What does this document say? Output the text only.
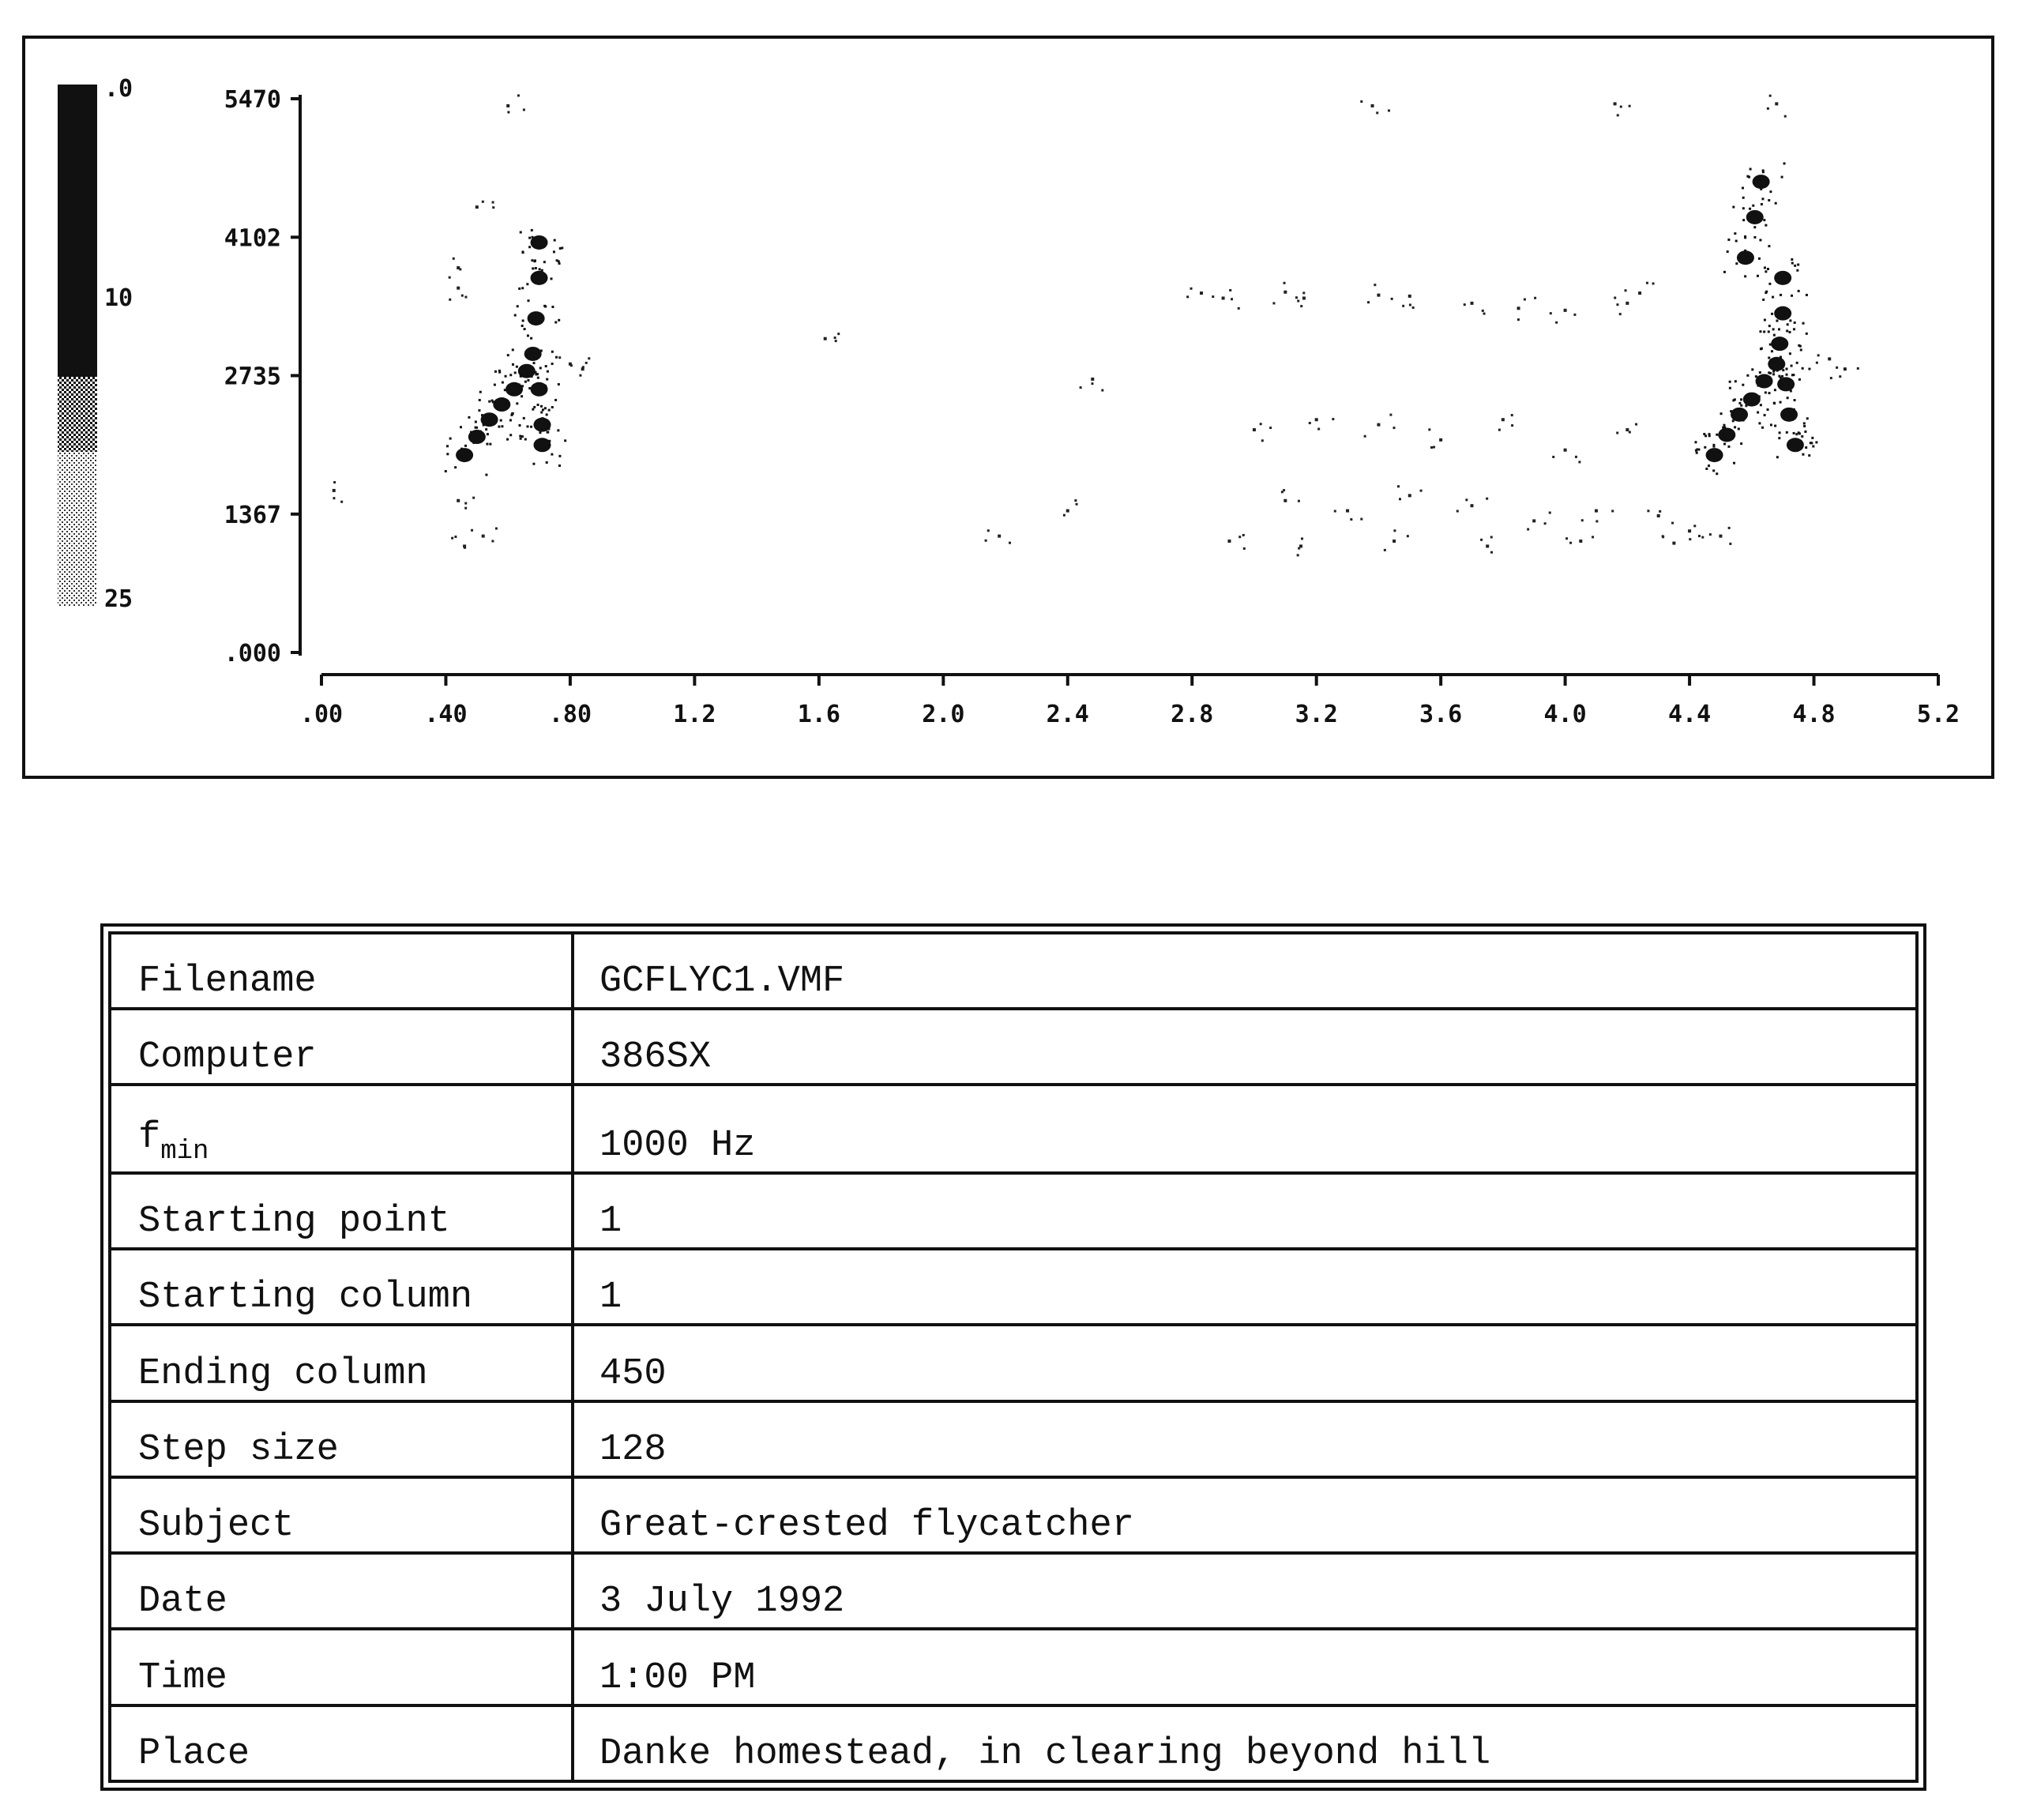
.0
10
25
5470
4102
2735
1367
.000
.00	.40	.80	1.2	1.6	2.0	2.4	2.8	3.2	3.6	4.0	4.4	4.8	5.2
Filename	GCFLYC1.VMF
Computer	386SX
$f_{min}$	1000 Hz
Starting point	1
Starting column	1
Ending column	450
Step size	128
Subject	Great-crested flycatcher
Date	3 July 1992
Time	1:00 PM
Place	Danke homestead, in clearing beyond hill
